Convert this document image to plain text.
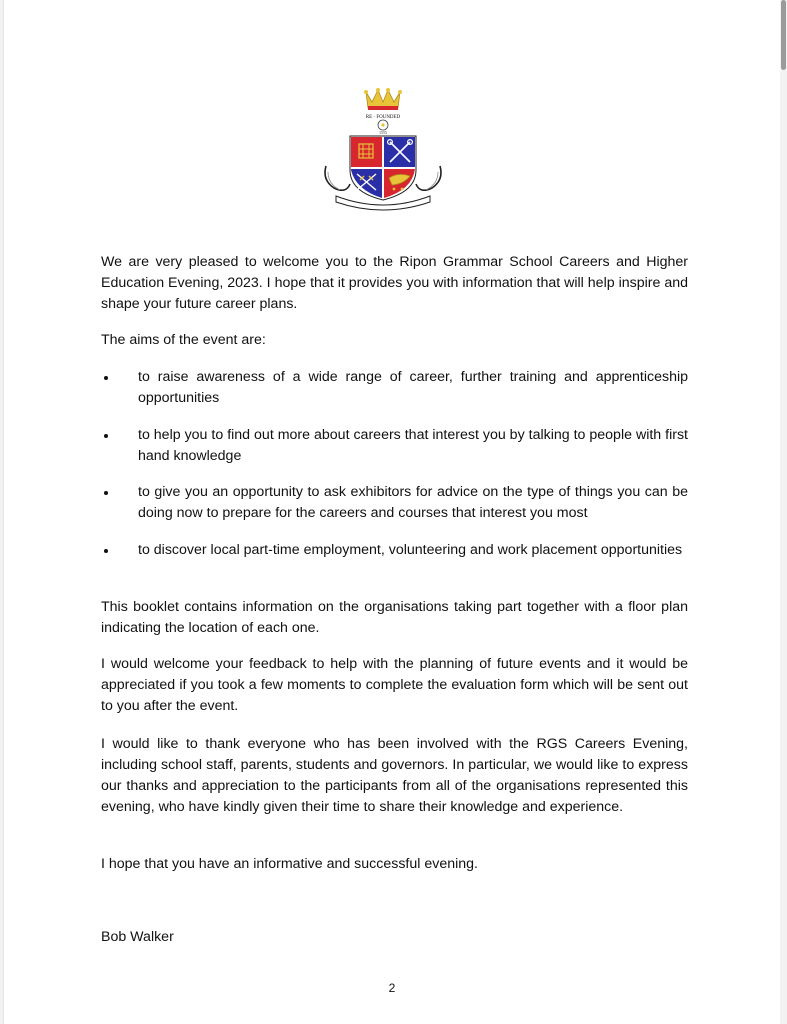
RE · FOUNDED
1555

We are very pleased to welcome you to the Ripon Grammar School Careers and Higher Education Evening, 2023. I hope that it provides you with information that will help inspire and shape your future career plans.

The aims of the event are:

to raise awareness of a wide range of career, further training and apprenticeship opportunities
to help you to find out more about careers that interest you by talking to people with first hand knowledge
to give you an opportunity to ask exhibitors for advice on the type of things you can be doing now to prepare for the careers and courses that interest you most
to discover local part-time employment, volunteering and work placement opportunities

This booklet contains information on the organisations taking part together with a floor plan indicating the location of each one.

I would welcome your feedback to help with the planning of future events and it would be appreciated if you took a few moments to complete the evaluation form which will be sent out to you after the event.

I would like to thank everyone who has been involved with the RGS Careers Evening, including school staff, parents, students and governors. In particular, we would like to express our thanks and appreciation to the participants from all of the organisations represented this evening, who have kindly given their time to share their knowledge and experience.

I hope that you have an informative and successful evening.

Bob Walker

2
